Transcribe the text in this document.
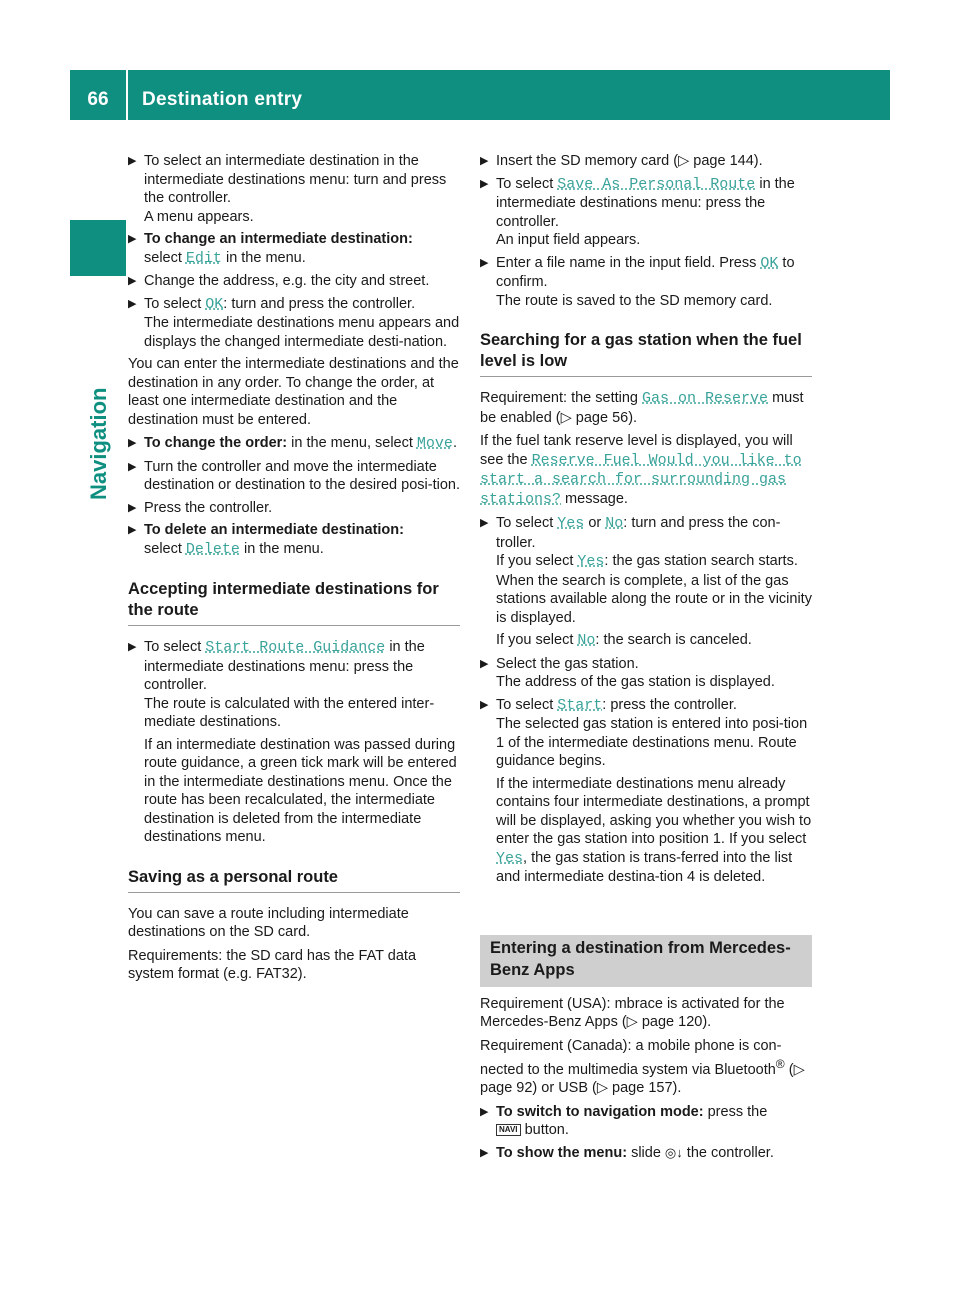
66	Destination entry
Navigation
▶ To select an intermediate destination in the intermediate destinations menu: turn and press the controller.
A menu appears.
▶ To change an intermediate destination:
select Edit in the menu.
▶ Change the address, e.g. the city and street.
▶ To select OK: turn and press the controller.
The intermediate destinations menu appears and displays the changed intermediate desti-nation.

You can enter the intermediate destinations and the destination in any order. To change the order, at least one intermediate destination and the destination must be entered.

▶ To change the order: in the menu, select Move.
▶ Turn the controller and move the intermediate destination or destination to the desired posi-tion.
▶ Press the controller.
▶ To delete an intermediate destination:
select Delete in the menu.
Accepting intermediate destinations for the route
▶ To select Start Route Guidance in the intermediate destinations menu: press the controller.
The route is calculated with the entered inter-mediate destinations.
If an intermediate destination was passed during route guidance, a green tick mark will be entered in the intermediate destinations menu. Once the route has been recalculated, the intermediate destination is deleted from the intermediate destinations menu.
Saving as a personal route

You can save a route including intermediate destinations on the SD card.

Requirements: the SD card has the FAT data system format (e.g. FAT32).

▶ Insert the SD memory card (▷ page 144).
▶ To select Save As Personal Route in the intermediate destinations menu: press the controller.
An input field appears.
▶ Enter a file name in the input field. Press OK to confirm.
The route is saved to the SD memory card.
Searching for a gas station when the fuel level is low

Requirement: the setting Gas on Reserve must be enabled (▷ page 56).

If the fuel tank reserve level is displayed, you will see the Reserve Fuel Would you like to start a search for surrounding gas stations? message.

▶ To select Yes or No: turn and press the con-troller.
If you select Yes: the gas station search starts. When the search is complete, a list of the gas stations available along the route or in the vicinity is displayed.
If you select No: the search is canceled.
▶ Select the gas station.
The address of the gas station is displayed.
▶ To select Start: press the controller.
The selected gas station is entered into posi-tion 1 of the intermediate destinations menu. Route guidance begins.
If the intermediate destinations menu already contains four intermediate destinations, a prompt will be displayed, asking you whether you wish to enter the gas station into position 1. If you select Yes, the gas station is trans-ferred into the list and intermediate destina-tion 4 is deleted.
Entering a destination from Mercedes-Benz Apps

Requirement (USA): mbrace is activated for the Mercedes-Benz Apps (▷ page 120).

Requirement (Canada): a mobile phone is con-nected to the multimedia system via Bluetooth® (▷ page 92) or USB (▷ page 157).

▶ To switch to navigation mode: press the
NAVI button.
▶ To show the menu: slide ◎↓ the controller.
